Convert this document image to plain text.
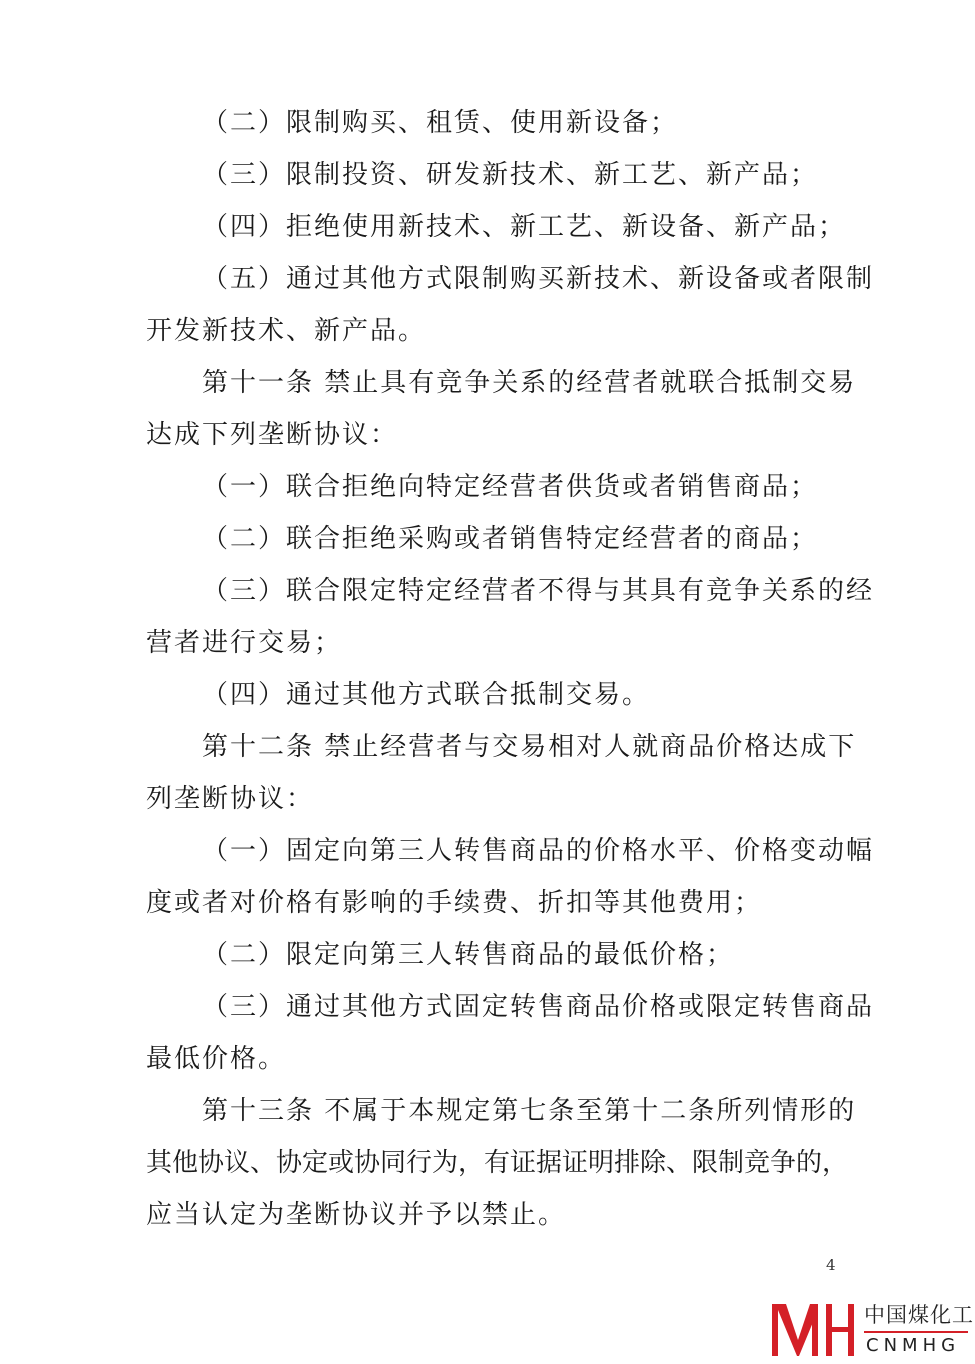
（二）限制购买、租赁、使用新设备；

（三）限制投资、研发新技术、新工艺、新产品；

（四）拒绝使用新技术、新工艺、新设备、新产品；

（五）通过其他方式限制购买新技术、新设备或者限制

开发新技术、新产品。

第十一条 禁止具有竞争关系的经营者就联合抵制交易

达成下列垄断协议：

（一）联合拒绝向特定经营者供货或者销售商品；

（二）联合拒绝采购或者销售特定经营者的商品；

（三）联合限定特定经营者不得与其具有竞争关系的经

营者进行交易；

（四）通过其他方式联合抵制交易。

第十二条 禁止经营者与交易相对人就商品价格达成下

列垄断协议：

（一）固定向第三人转售商品的价格水平、价格变动幅

度或者对价格有影响的手续费、折扣等其他费用；

（二）限定向第三人转售商品的最低价格；

（三）通过其他方式固定转售商品价格或限定转售商品

最低价格。

第十三条 不属于本规定第七条至第十二条所列情形的

其他协议、协定或协同行为，有证据证明排除、限制竞争的，

应当认定为垄断协议并予以禁止。

4
中国煤化工
CNMHG
